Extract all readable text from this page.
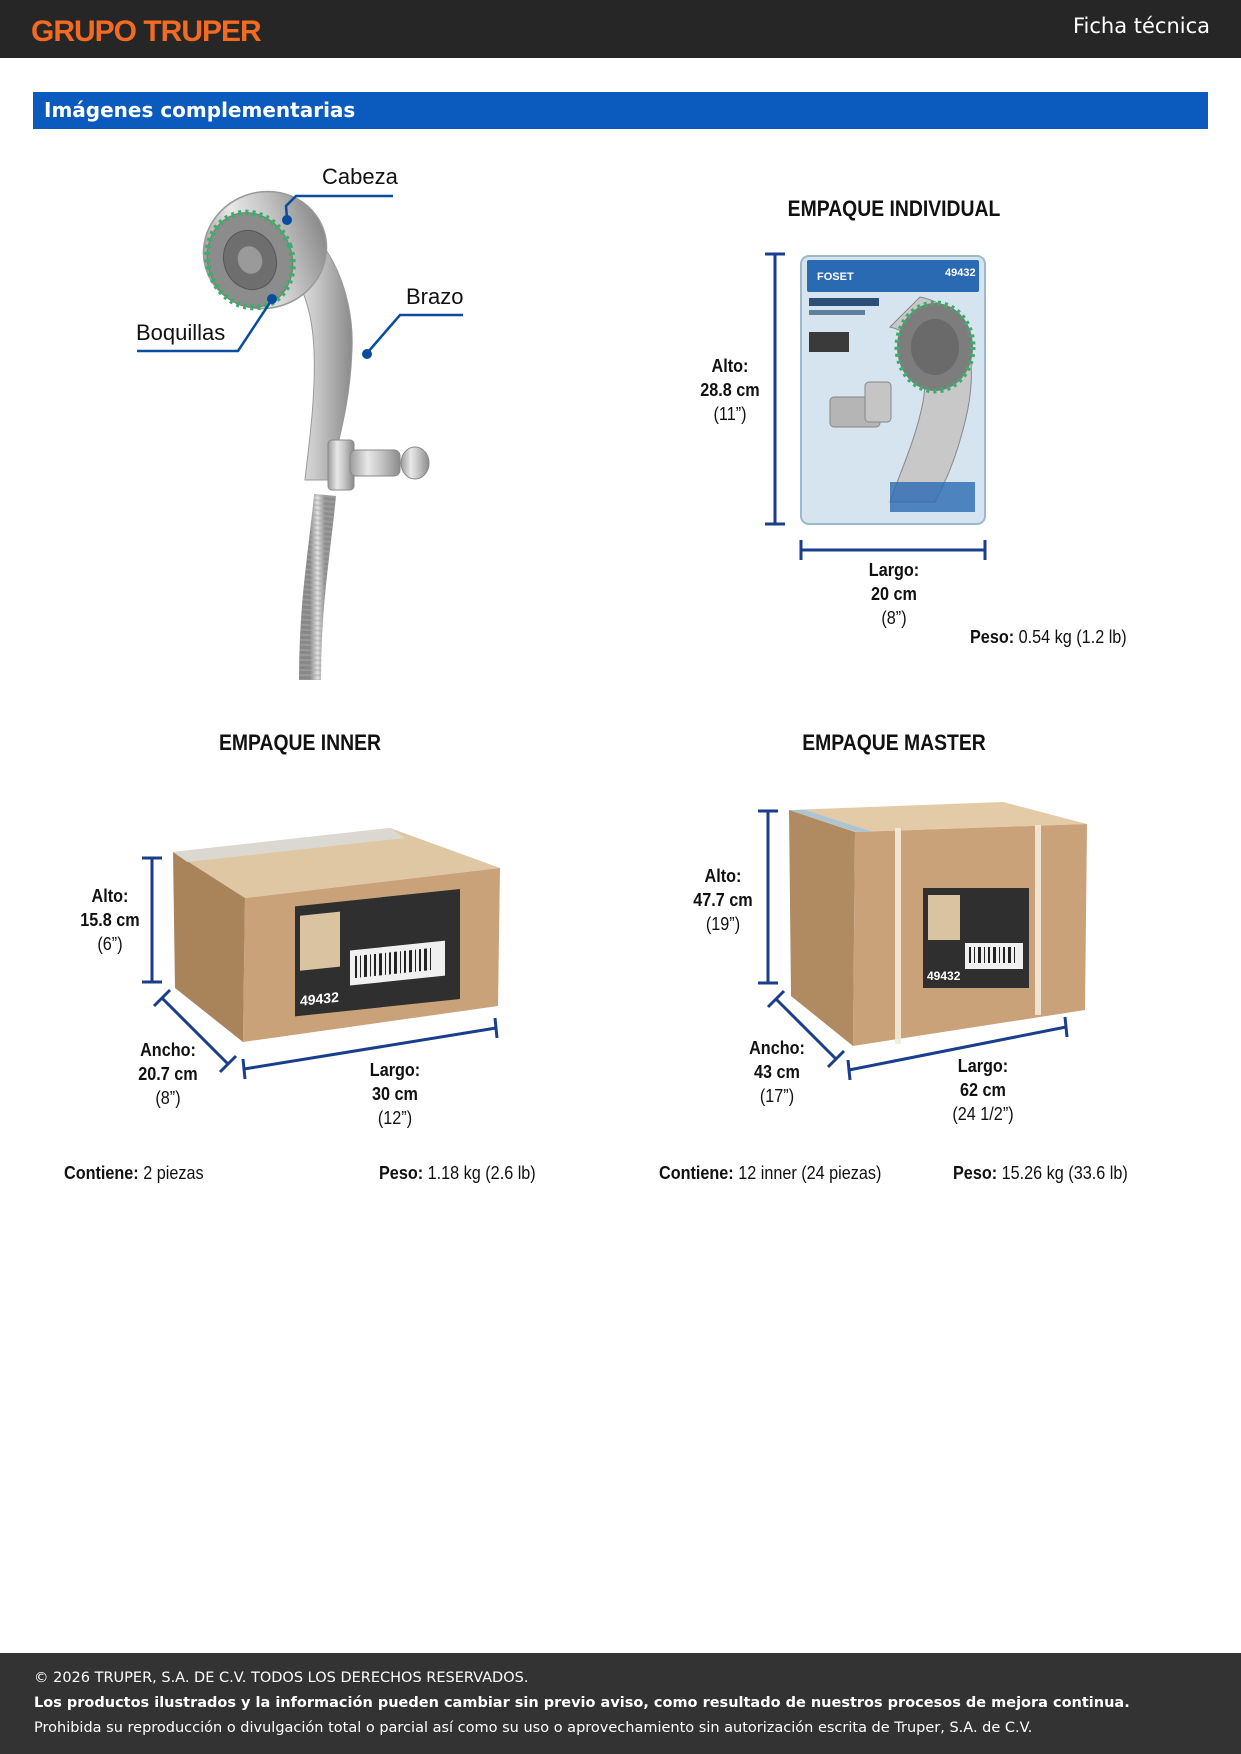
GRUPO TRUPER	Ficha técnica
Imágenes complementarias
Cabeza
Brazo
Boquillas
EMPAQUE INDIVIDUAL
FOSET	49432
Alto:
28.8 cm
(11”)
Largo:
20 cm
(8”)
Peso: 0.54 kg (1.2 lb)
EMPAQUE INNER
49432
Alto:
15.8 cm
(6”)
Ancho:
20.7 cm
(8”)
Largo:
30 cm
(12”)
Contiene: 2 piezas	Peso: 1.18 kg (2.6 lb)
EMPAQUE MASTER
49432
Alto:
47.7 cm
(19”)
Ancho:
43 cm
(17”)
Largo:
62 cm
(24 1/2”)
Contiene: 12 inner (24 piezas)	Peso: 15.26 kg (33.6 lb)
© 2026 TRUPER, S.A. DE C.V. TODOS LOS DERECHOS RESERVADOS.
Los productos ilustrados y la información pueden cambiar sin previo aviso, como resultado de nuestros procesos de mejora continua.
Prohibida su reproducción o divulgación total o parcial así como su uso o aprovechamiento sin autorización escrita de Truper, S.A. de C.V.
